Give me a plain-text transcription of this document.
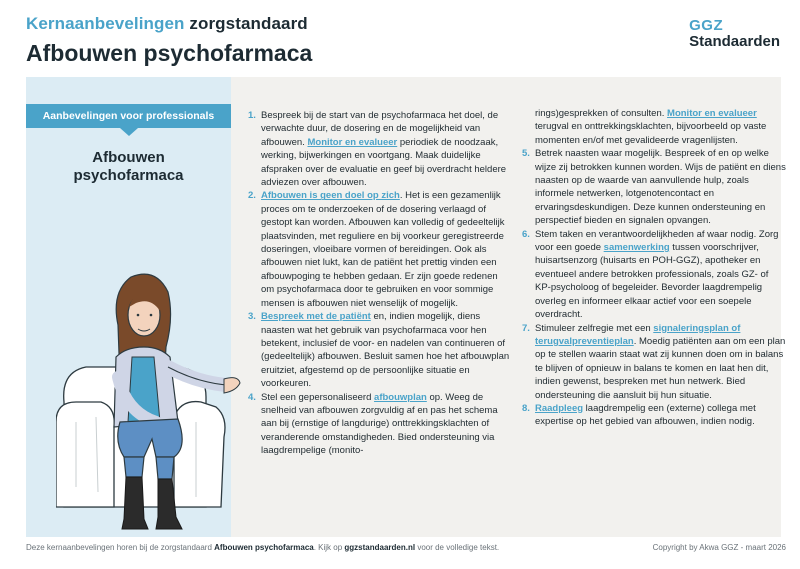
Kernaanbevelingen zorgstandaard
Afbouwen psychofarmaca
GGZ
Standaarden
Aanbevelingen voor professionals
Afbouwen
psychofarmaca
1. Bespreek bij de start van de psychofarmaca het doel, de verwachte duur, de dosering en de mogelijkheid van afbouwen. Monitor en evalueer periodiek de noodzaak, werking, bijwerkingen en voortgang. Maak duidelijke afspraken over de evaluatie en geef bij overdracht heldere adviezen over afbouwen.
2. Afbouwen is geen doel op zich. Het is een gezamenlijk proces om te onderzoeken of de dosering verlaagd of gestopt kan worden. Afbouwen kan volledig of gedeeltelijk plaatsvinden, met reguliere en bij voorkeur geregistreerde doseringen, vloeibare vormen of bereidingen. Ook als afbouwen niet lukt, kan de patiënt het prettig vinden een afbouwpoging te hebben gedaan. Er zijn goede redenen om psychofarmaca door te gebruiken en voor sommige mensen is afbouwen niet wenselijk of mogelijk.
3. Bespreek met de patiënt en, indien mogelijk, diens naasten wat het gebruik van psychofarmaca voor hen betekent, inclusief de voor- en nadelen van continueren of (gedeeltelijk) afbouwen. Besluit samen hoe het afbouwplan eruitziet, afgestemd op de persoonlijke situatie en voorkeuren.
4. Stel een gepersonaliseerd afbouwplan op. Weeg de snelheid van afbouwen zorgvuldig af en pas het schema aan bij (ernstige of langdurige) onttrekkingsklachten of veranderende omstandigheden. Bied ondersteuning via laagdrempelige (monito-
rings)gesprekken of consulten. Monitor en evalueer terugval en onttrekkingsklachten, bijvoorbeeld op vaste momenten en/of met gevalideerde vragenlijsten.
5. Betrek naasten waar mogelijk. Bespreek of en op welke wijze zij betrokken kunnen worden. Wijs de patiënt en diens naasten op de waarde van aanvullende hulp, zoals informele netwerken, lotgenotencontact en ervaringsdeskundigen. Deze kunnen ondersteuning en perspectief bieden en signalen opvangen.
6. Stem taken en verantwoordelijkheden af waar nodig. Zorg voor een goede samenwerking tussen voorschrijver, huisartsenzorg (huisarts en POH-GGZ), apotheker en eventueel andere betrokken professionals, zoals GZ- of KP-psycholoog of begeleider. Bevorder laagdrempelig overleg en informeer elkaar actief voor een soepele overdracht.
7. Stimuleer zelfregie met een signaleringsplan of terugvalpreventieplan. Moedig patiënten aan om een plan op te stellen waarin staat wat zij kunnen doen om in balans te blijven of opnieuw in balans te komen en laat hen dit, indien gewenst, bespreken met hun netwerk. Bied ondersteuning die aansluit bij hun situatie.
8. Raadpleeg laagdrempelig een (externe) collega met expertise op het gebied van afbouwen, indien nodig.
Deze kernaanbevelingen horen bij de zorgstandaard Afbouwen psychofarmaca. Kijk op ggzstandaarden.nl voor de volledige tekst.	Copyright by Akwa GGZ - maart 2026
